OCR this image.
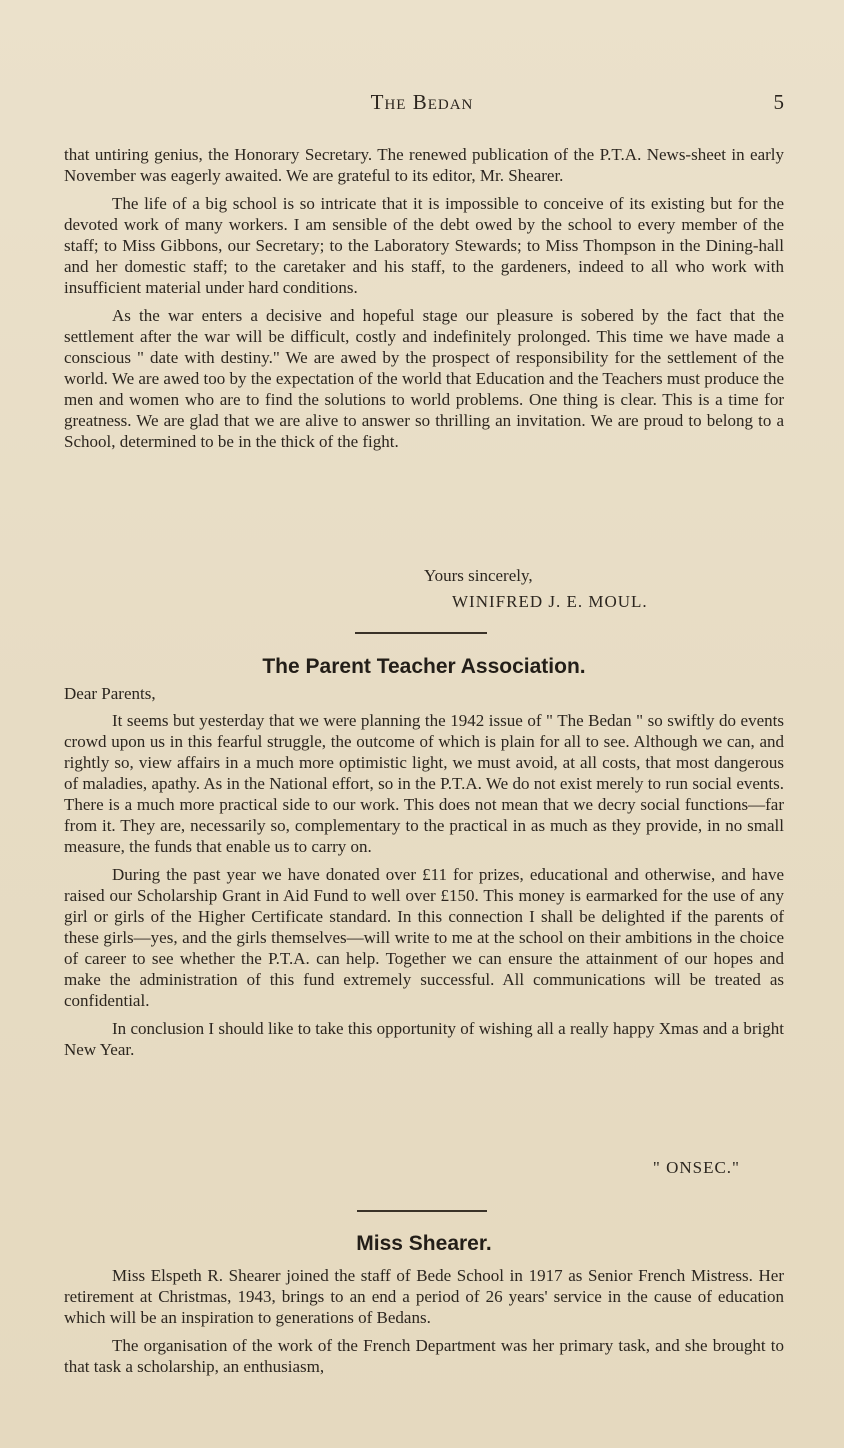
The Bedan	5

that untiring genius, the Honorary Secretary. The renewed publication of the P.T.A. News-sheet in early November was eagerly awaited. We are grateful to its editor, Mr. Shearer.

The life of a big school is so intricate that it is impossible to conceive of its existing but for the devoted work of many workers. I am sensible of the debt owed by the school to every member of the staff; to Miss Gibbons, our Secretary; to the Laboratory Stewards; to Miss Thompson in the Dining-hall and her domestic staff; to the caretaker and his staff, to the gardeners, indeed to all who work with insufficient material under hard conditions.

As the war enters a decisive and hopeful stage our pleasure is sobered by the fact that the settlement after the war will be difficult, costly and indefinitely prolonged. This time we have made a conscious " date with destiny." We are awed by the prospect of responsibility for the settlement of the world. We are awed too by the expectation of the world that Education and the Teachers must produce the men and women who are to find the solutions to world problems. One thing is clear. This is a time for greatness. We are glad that we are alive to answer so thrilling an invitation. We are proud to belong to a School, determined to be in the thick of the fight.

Yours sincerely,
WINIFRED J. E. MOUL.
The Parent Teacher Association.
Dear Parents,

It seems but yesterday that we were planning the 1942 issue of " The Bedan " so swiftly do events crowd upon us in this fearful struggle, the outcome of which is plain for all to see. Although we can, and rightly so, view affairs in a much more optimistic light, we must avoid, at all costs, that most dangerous of maladies, apathy. As in the National effort, so in the P.T.A. We do not exist merely to run social events. There is a much more practical side to our work. This does not mean that we decry social functions—far from it. They are, necessarily so, complementary to the practical in as much as they provide, in no small measure, the funds that enable us to carry on.

During the past year we have donated over £11 for prizes, educational and otherwise, and have raised our Scholarship Grant in Aid Fund to well over £150. This money is earmarked for the use of any girl or girls of the Higher Certificate standard. In this connection I shall be delighted if the parents of these girls—yes, and the girls themselves—will write to me at the school on their ambitions in the choice of career to see whether the P.T.A. can help. Together we can ensure the attainment of our hopes and make the administration of this fund extremely successful. All communications will be treated as confidential.

In conclusion I should like to take this opportunity of wishing all a really happy Xmas and a bright New Year.

" ONSEC."
Miss Shearer.

Miss Elspeth R. Shearer joined the staff of Bede School in 1917 as Senior French Mistress. Her retirement at Christmas, 1943, brings to an end a period of 26 years' service in the cause of education which will be an inspiration to generations of Bedans.

The organisation of the work of the French Department was her primary task, and she brought to that task a scholarship, an enthusiasm,
